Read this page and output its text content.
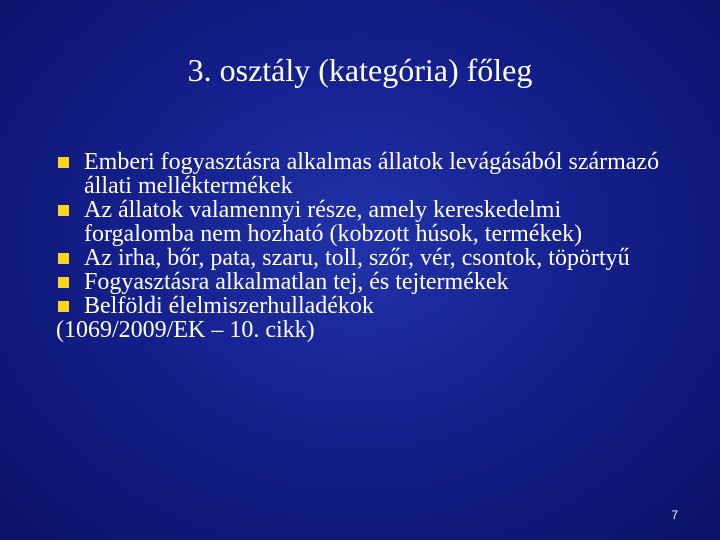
3. osztály (kategória) főleg
Emberi fogyasztásra alkalmas állatok levágásából származó állati melléktermékek
Az állatok valamennyi része, amely kereskedelmi forgalomba nem hozható (kobzott húsok, termékek)
Az irha, bőr, pata, szaru, toll, szőr, vér, csontok, töpörtyű
Fogyasztásra alkalmatlan tej, és tejtermékek
Belföldi élelmiszerhulladékok
(1069/2009/EK – 10. cikk)
7
